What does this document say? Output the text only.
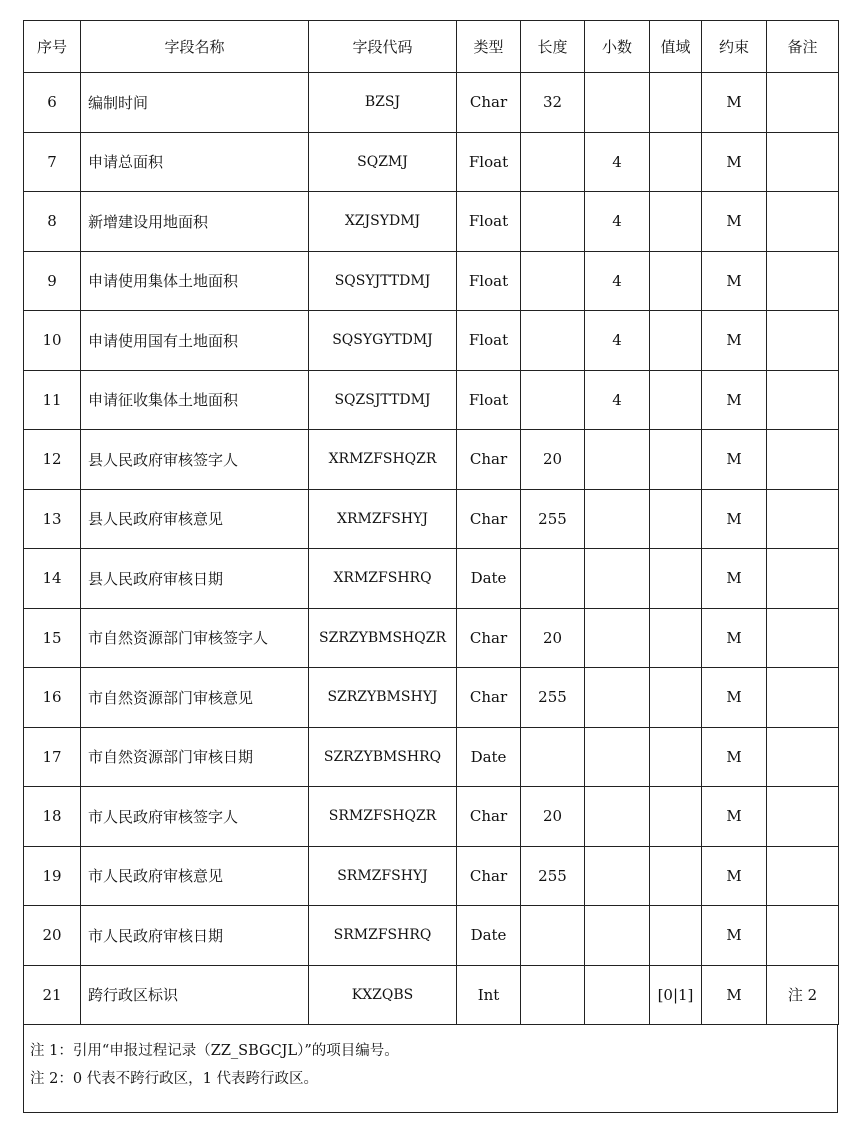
序号	字段名称	字段代码	类型	长度	小数	值域	约束	备注
6	编制时间	BZSJ	Char	32			M	
7	申请总面积	SQZMJ	Float		4		M	
8	新增建设用地面积	XZJSYDMJ	Float		4		M	
9	申请使用集体土地面积	SQSYJTTDMJ	Float		4		M	
10	申请使用国有土地面积	SQSYGYTDMJ	Float		4		M	
11	申请征收集体土地面积	SQZSJTTDMJ	Float		4		M	
12	县人民政府审核签字人	XRMZFSHQZR	Char	20			M	
13	县人民政府审核意见	XRMZFSHYJ	Char	255			M	
14	县人民政府审核日期	XRMZFSHRQ	Date				M	
15	市自然资源部门审核签字人	SZRZYBMSHQZR	Char	20			M	
16	市自然资源部门审核意见	SZRZYBMSHYJ	Char	255			M	
17	市自然资源部门审核日期	SZRZYBMSHRQ	Date				M	
18	市人民政府审核签字人	SRMZFSHQZR	Char	20			M	
19	市人民政府审核意见	SRMZFSHYJ	Char	255			M	
20	市人民政府审核日期	SRMZFSHRQ	Date				M	
21	跨行政区标识	KXZQBS	Int			[0|1]	M	注 2
注 1：引用“申报过程记录（ZZ_SBGCJL）”的项目编号。
注 2：0 代表不跨行政区，1 代表跨行政区。
